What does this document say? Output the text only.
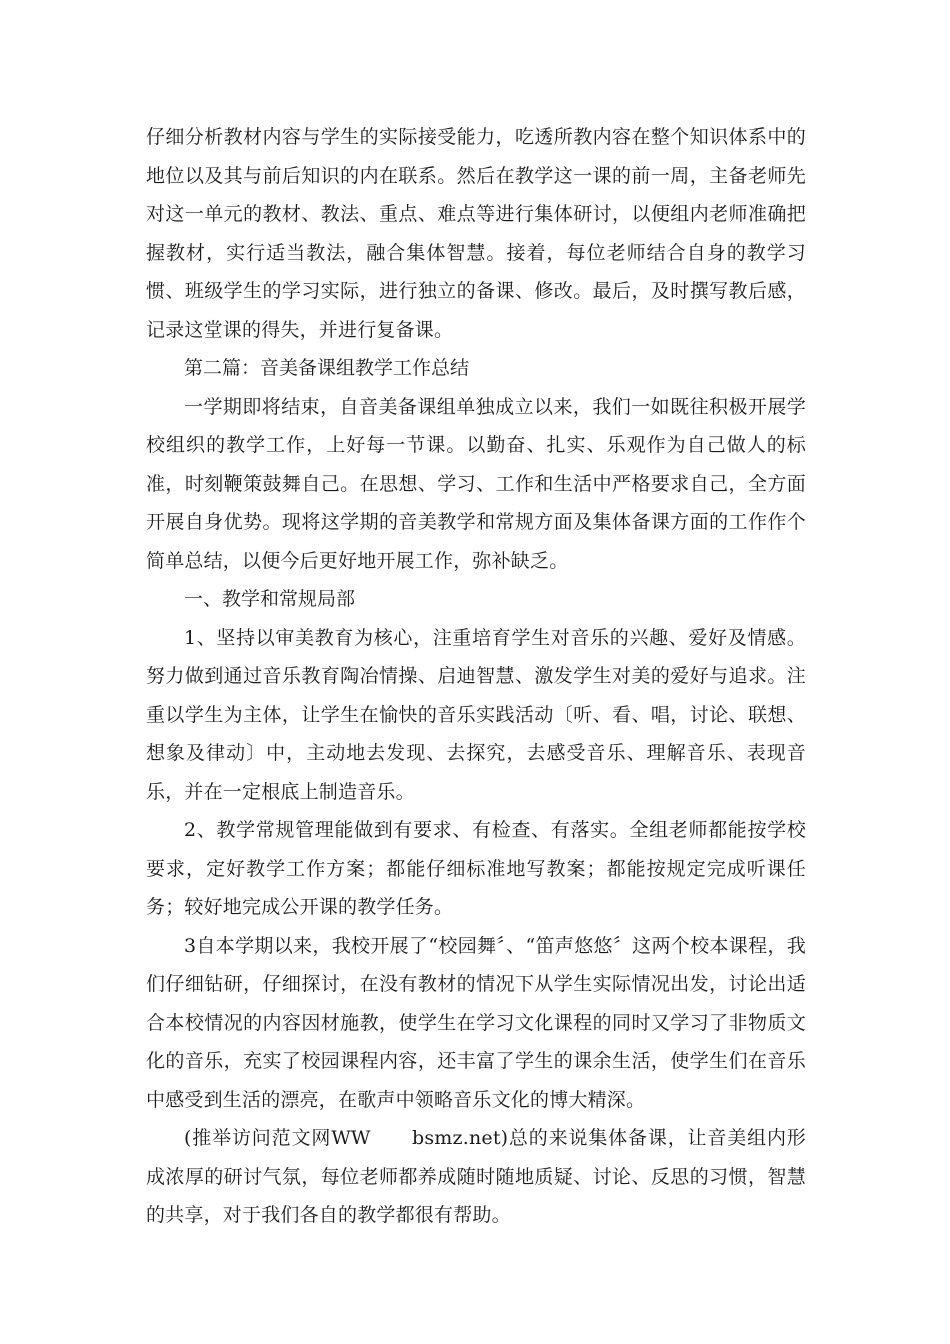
仔细分析教材内容与学生的实际接受能力，吃透所教内容在整个知识体系中的地位以及其与前后知识的内在联系。然后在教学这一课的前一周，主备老师先对这一单元的教材、教法、重点、难点等进行集体研讨，以便组内老师准确把握教材，实行适当教法，融合集体智慧。接着，每位老师结合自身的教学习惯、班级学生的学习实际，进行独立的备课、修改。最后，及时撰写教后感，记录这堂课的得失，并进行复备课。

第二篇：音美备课组教学工作总结

一学期即将结束，自音美备课组单独成立以来，我们一如既往积极开展学校组织的教学工作，上好每一节课。以勤奋、扎实、乐观作为自己做人的标准，时刻鞭策鼓舞自己。在思想、学习、工作和生活中严格要求自己，全方面开展自身优势。现将这学期的音美教学和常规方面及集体备课方面的工作作个简单总结，以便今后更好地开展工作，弥补缺乏。

一、教学和常规局部

1、坚持以审美教育为核心，注重培育学生对音乐的兴趣、爱好及情感。努力做到通过音乐教育陶冶情操、启迪智慧、激发学生对美的爱好与追求。注重以学生为主体，让学生在愉快的音乐实践活动〔听、看、唱，讨论、联想、想象及律动〕中，主动地去发现、去探究，去感受音乐、理解音乐、表现音乐，并在一定根底上制造音乐。

2、教学常规管理能做到有要求、有检查、有落实。全组老师都能按学校要求，定好教学工作方案；都能仔细标准地写教案；都能按规定完成听课任务；较好地完成公开课的教学任务。

3自本学期以来，我校开展了“校园舞〞、“笛声悠悠〞这两个校本课程，我们仔细钻研，仔细探讨，在没有教材的情况下从学生实际情况出发，讨论出适合本校情况的内容因材施教，使学生在学习文化课程的同时又学习了非物质文化的音乐，充实了校园课程内容，还丰富了学生的课余生活，使学生们在音乐中感受到生活的漂亮，在歌声中领略音乐文化的博大精深。

(推举访问范文网WW      bsmz.net)总的来说集体备课，让音美组内形成浓厚的研讨气氛，每位老师都养成随时随地质疑、讨论、反思的习惯，智慧的共享，对于我们各自的教学都很有帮助。
